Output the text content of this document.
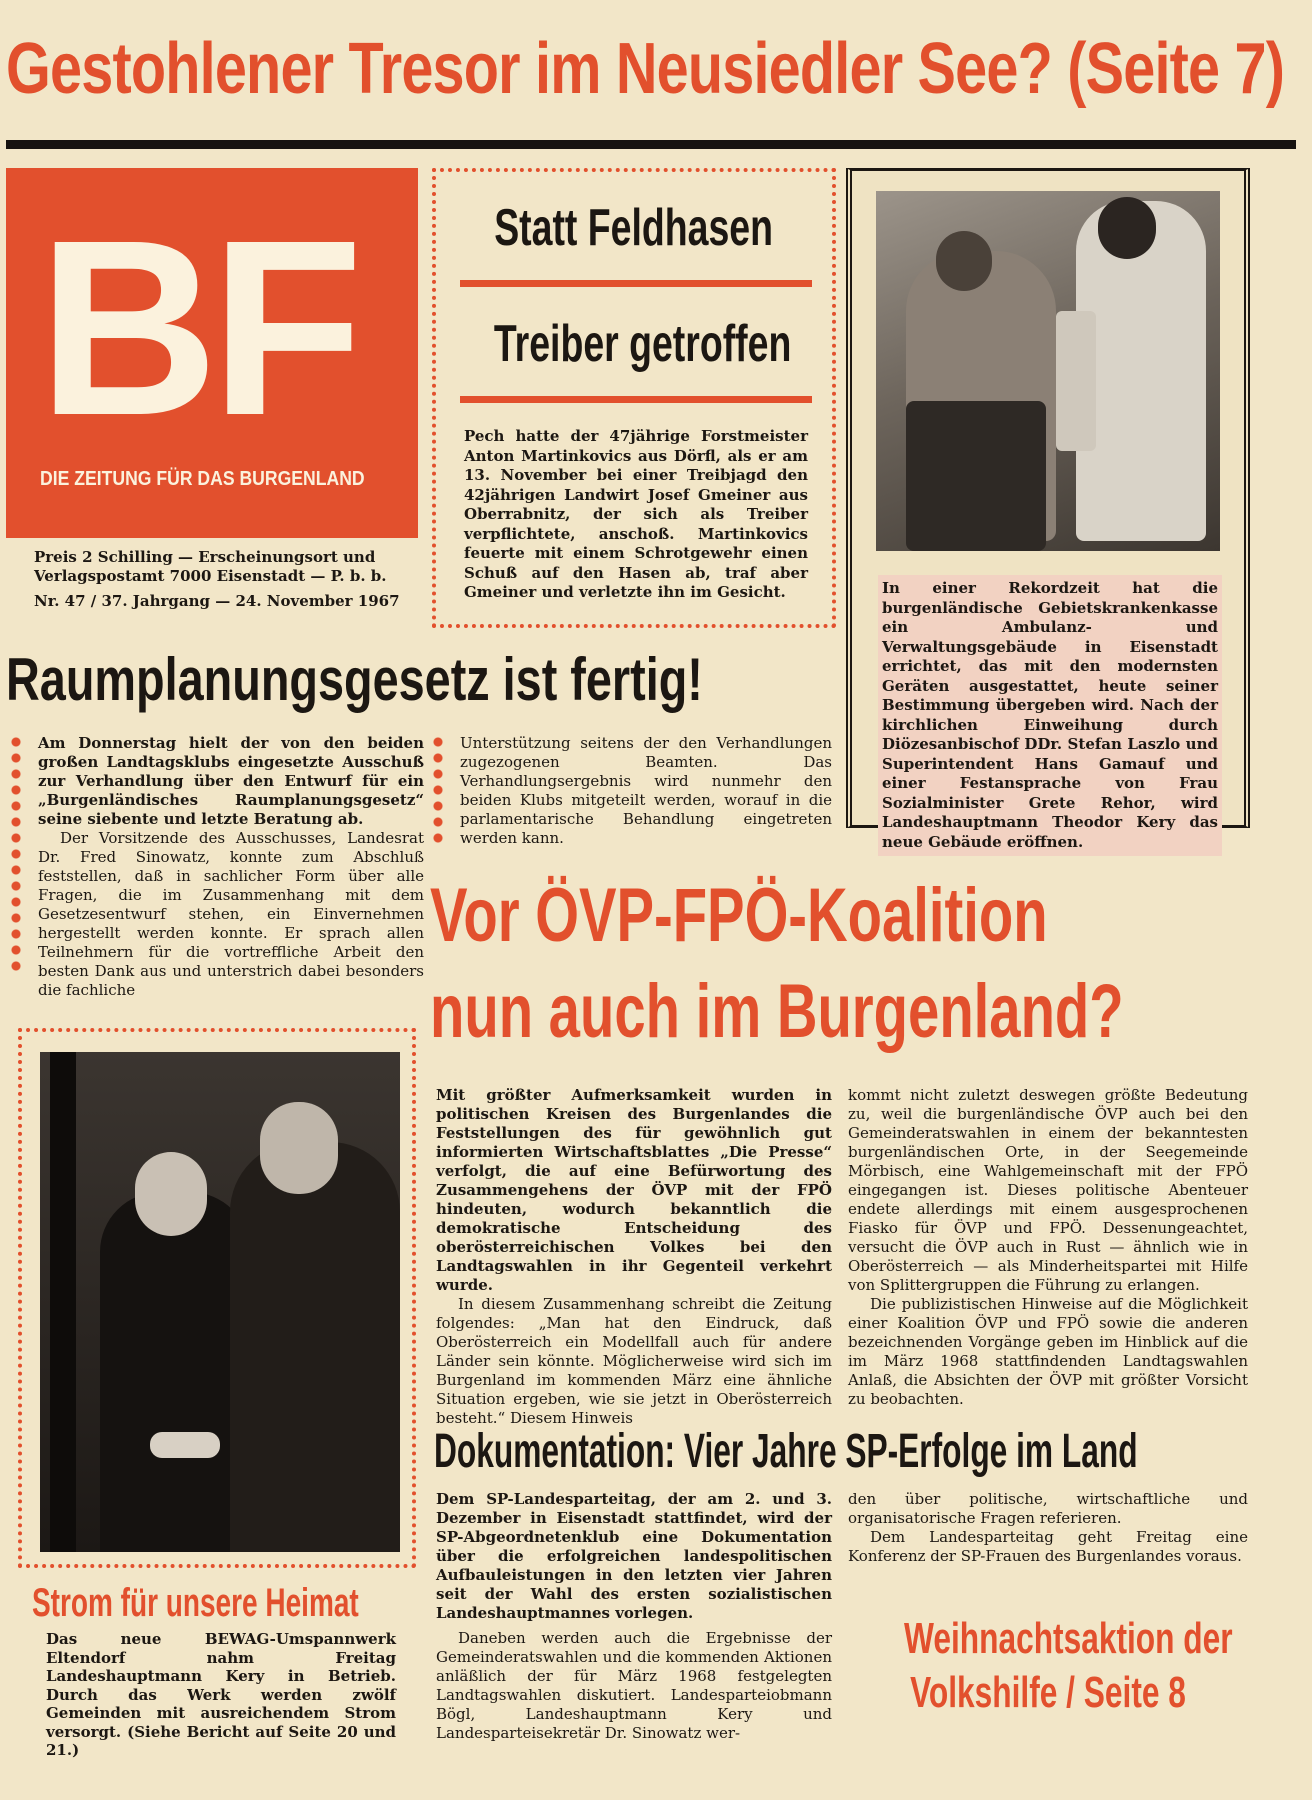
Gestohlener Tresor im Neusiedler See? (Seite 7)
BF
DIE ZEITUNG FÜR DAS BURGENLAND
Preis 2 Schilling — Erscheinungsort und
Verlagspostamt 7000 Eisenstadt — P. b. b.
Nr. 47 / 37. Jahrgang — 24. November 1967
Statt Feldhasen
Treiber getroffen
Pech hatte der 47jährige Forstmeister Anton Martinkovics aus Dörfl, als er am 13. November bei einer Treibjagd den 42jährigen Landwirt Josef Gmeiner aus Oberrabnitz, der sich als Treiber verpflichtete, anschoß. Martinkovics feuerte mit einem Schrotgewehr einen Schuß auf den Hasen ab, traf aber Gmeiner und verletzte ihn im Gesicht.	In einer Rekordzeit hat die burgenländische Gebietskrankenkasse ein Ambulanz- und Verwaltungsgebäude in Eisenstadt errichtet, das mit den modernsten Geräten ausgestattet, heute seiner Bestimmung übergeben wird. Nach der kirchlichen Einweihung durch Diözesanbischof DDr. Stefan Laszlo und Superintendent Hans Gamauf und einer Festansprache von Frau Sozialminister Grete Rehor, wird Landeshauptmann Theodor Kery das neue Gebäude eröffnen.
Raumplanungsgesetz ist fertig!

Am Donnerstag hielt der von den beiden großen Landtagsklubs eingesetzte Ausschuß zur Verhandlung über den Entwurf für ein „Burgenländisches Raumplanungsgesetz“ seine siebente und letzte Beratung ab.

Der Vorsitzende des Ausschusses, Landesrat Dr. Fred Sinowatz, konnte zum Abschluß feststellen, daß in sachlicher Form über alle Fragen, die im Zusammenhang mit dem Gesetzesentwurf stehen, ein Einvernehmen hergestellt werden konnte. Er sprach allen Teilnehmern für die vortreffliche Arbeit den besten Dank aus und unterstrich dabei besonders die fachliche

Unterstützung seitens der den Verhandlungen zugezogenen Beamten. Das Verhandlungsergebnis wird nunmehr den beiden Klubs mitgeteilt werden, worauf in die parlamentarische Behandlung eingetreten werden kann.

Vor ÖVP-FPÖ-Koalition
nun auch im Burgenland?
Strom für unsere Heimat
Das neue BEWAG-Umspannwerk Eltendorf nahm Freitag Landeshauptmann Kery in Betrieb. Durch das Werk werden zwölf Gemeinden mit ausreichendem Strom versorgt. (Siehe Bericht auf Seite 20 und 21.)

Mit größter Aufmerksamkeit wurden in politischen Kreisen des Burgenlandes die Feststellungen des für gewöhnlich gut informierten Wirtschaftsblattes „Die Presse“ verfolgt, die auf eine Befürwortung des Zusammengehens der ÖVP mit der FPÖ hindeuten, wodurch bekanntlich die demokratische Entscheidung des oberösterreichischen Volkes bei den Landtagswahlen in ihr Gegenteil verkehrt wurde.

In diesem Zusammenhang schreibt die Zeitung folgendes: „Man hat den Eindruck, daß Oberösterreich ein Modellfall auch für andere Länder sein könnte. Möglicherweise wird sich im Burgenland im kommenden März eine ähnliche Situation ergeben, wie sie jetzt in Oberösterreich besteht.“ Diesem Hinweis

kommt nicht zuletzt deswegen größte Bedeutung zu, weil die burgenländische ÖVP auch bei den Gemeinderatswahlen in einem der bekanntesten burgenländischen Orte, in der Seegemeinde Mörbisch, eine Wahlgemeinschaft mit der FPÖ eingegangen ist. Dieses politische Abenteuer endete allerdings mit einem ausgesprochenen Fiasko für ÖVP und FPÖ. Dessenungeachtet, versucht die ÖVP auch in Rust — ähnlich wie in Oberösterreich — als Minderheitspartei mit Hilfe von Splittergruppen die Führung zu erlangen.

Die publizistischen Hinweise auf die Möglichkeit einer Koalition ÖVP und FPÖ sowie die anderen bezeichnenden Vorgänge geben im Hinblick auf die im März 1968 stattfindenden Landtagswahlen Anlaß, die Absichten der ÖVP mit größter Vorsicht zu beobachten.

Dokumentation: Vier Jahre SP-Erfolge im Land

Dem SP-Landesparteitag, der am 2. und 3. Dezember in Eisenstadt stattfindet, wird der SP-Abgeordnetenklub eine Dokumentation über die erfolgreichen landespolitischen Aufbauleistungen in den letzten vier Jahren seit der Wahl des ersten sozialistischen Landeshauptmannes vorlegen.

Daneben werden auch die Ergebnisse der Gemeinderatswahlen und die kommenden Aktionen anläßlich der für März 1968 festgelegten Landtagswahlen diskutiert. Landesparteiobmann Bögl, Landeshauptmann Kery und Landesparteisekretär Dr. Sinowatz wer-

den über politische, wirtschaftliche und organisatorische Fragen referieren.

Dem Landesparteitag geht Freitag eine Konferenz der SP-Frauen des Burgenlandes voraus.

Weihnachtsaktion der
Volkshilfe / Seite 8
